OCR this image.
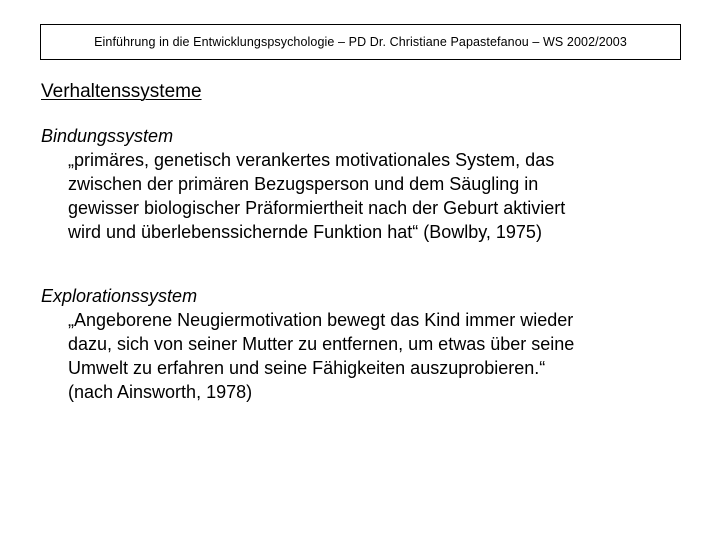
Einführung in die Entwicklungspsychologie – PD Dr. Christiane Papastefanou – WS 2002/2003
Verhaltenssysteme

Bindungssystem

„primäres, genetisch verankertes motivationales System, das
zwischen der primären Bezugsperson und dem Säugling in
gewisser biologischer Präformiertheit nach der Geburt aktiviert
wird und überlebenssichernde Funktion hat“ (Bowlby, 1975)

Explorationssystem

„Angeborene Neugiermotivation bewegt das Kind immer wieder
dazu, sich von seiner Mutter zu entfernen, um etwas über seine
Umwelt zu erfahren und seine Fähigkeiten auszuprobieren.“
(nach Ainsworth, 1978)
